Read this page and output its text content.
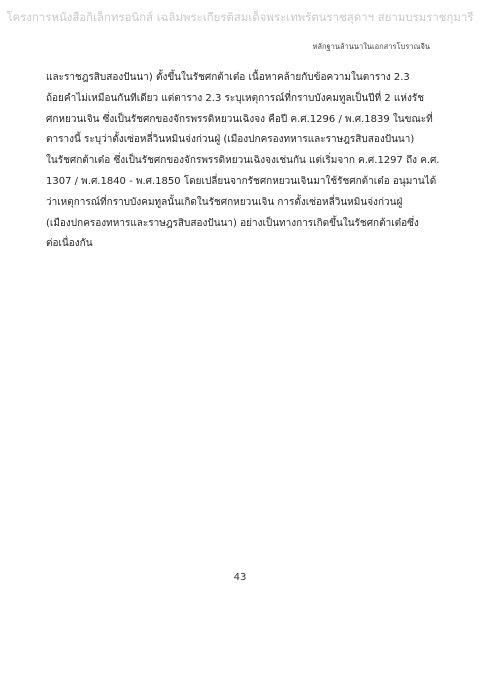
โครงการหนังสือกิเล็กทรอนิกส์ เฉลิมพระเกียรติสมเด็จพระเทพรัตนราชสุดาฯ สยามบรมราชกุมารี
หลักฐานล้านนาในเอกสารโบราณจีน
และราชฎรสิบสองปันนา) ตั้งขึ้นในรัชศกต้าเต๋อ เนื้อหาคล้ายกับข้อความในตาราง 2.3
ถ้อยคำไม่เหมือนกันทีเดียว แต่ตาราง 2.3 ระบุเหตุการณ์ที่กราบบังคมทูลเป็นปีที่ 2 แห่งรัช
ศกหยวนเจิน ซึ่งเป็นรัชศกของจักรพรรดิหยวนเฉิงจง คือปี ค.ศ.1296 / พ.ศ.1839 ในขณะที่
ตารางนี้ ระบุว่าตั้งเซ่อหลี่วินหมินจ่งก่วนฝู่ (เมืองปกครองทหารและราษฎรสิบสองปันนา)
ในรัชศกต้าเต๋อ ซึ่งเป็นรัชศกของจักรพรรดิหยวนเฉิงจงเช่นกัน แต่เริ่มจาก ค.ศ.1297 ถึง ค.ศ.
1307 / พ.ศ.1840 - พ.ศ.1850 โดยเปลี่ยนจากรัชศกหยวนเจินมาใช้รัชศกต้าเต๋อ อนุมานได้
ว่าเหตุการณ์ที่กราบบังคมทูลนั้นเกิดในรัชศกหยวนเจิน การตั้งเซ่อหลี่วินหมินจ่งก่วนฝู่
(เมืองปกครองทหารและราษฎรสิบสองปันนา) อย่างเป็นทางการเกิดขึ้นในรัชศกต้าเต๋อซึ่ง
ต่อเนื่องกัน
43
